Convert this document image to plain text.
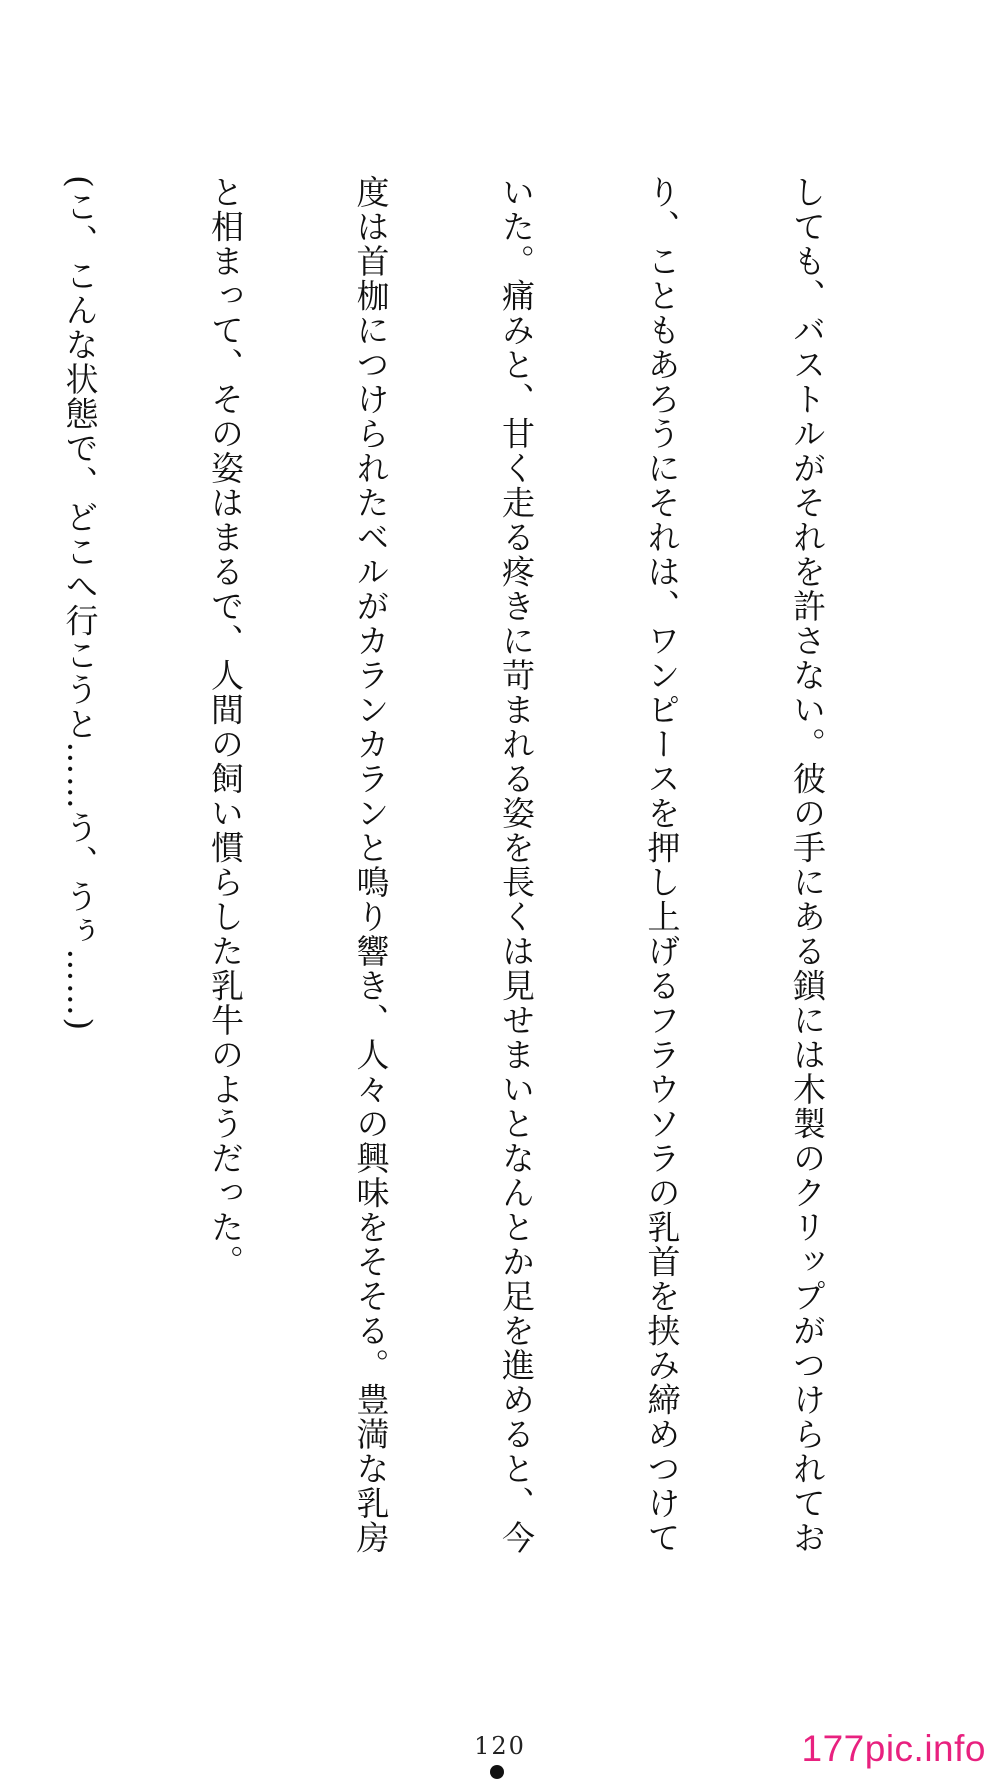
しても、バストルがそれを許さない。彼の手にある鎖には木製のクリップがつけられてお

り、こともあろうにそれは、ワンピースを押し上げるフラウソラの乳首を挟み締めつけて

いた。痛みと、甘く走る疼きに苛まれる姿を長くは見せまいとなんとか足を進めると、今

度は首枷につけられたベルがカランカランと鳴り響き、人々の興味をそそる。豊満な乳房

と相まって、その姿はまるで、人間の飼い慣らした乳牛のようだった。

(こ、こんな状態で、どこへ行こうと……う、うぅ……)

120	177pic.info
